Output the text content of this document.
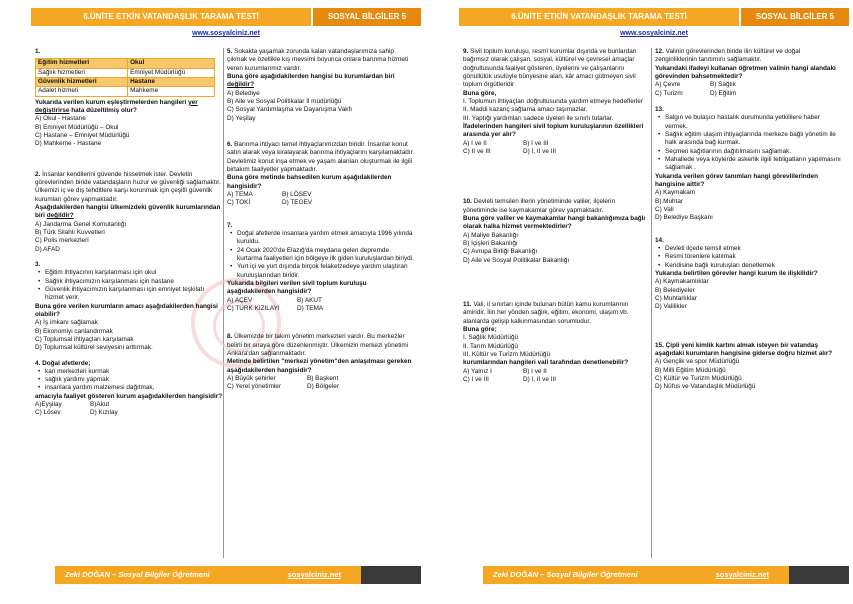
6.ÜNİTE ETKİN VATANDAŞLIK TARAMA TESTİ	SOSYAL BİLGİLER 5
www.sosyalciniz.net
1.
Eğitim hizmetleri	Okul
Sağlık hizmetleri	Emniyet Müdürlüğü
Güvenlik hizmetleri	Hastane
Adalet hizmeti	Mahkeme
Yukarıda verilen kurum eşleştirmelerden hangileri yer değiştirirse hata düzeltilmiş olur?
A) Okul - Hastane
B) Emniyet Müdürlüğü – Okul
C) Hastane – Emniyet Müdürlüğü
D) Mahkeme - Hastane
2. İnsanlar kendilerini güvende hissetmek ister. Devletin görevlerinden biride vatandaşların huzur ve güvenliği sağlamaktır. Ülkemizi iç ve dış tehditlere karşı korunmak için çeşitli güvenlik kurumları görev yapmaktadır.
Aşağıdakilerden hangisi ülkemizdeki güvenlik kurumlarından biri değildir?
A) Jandarma Genel Komutanlığı
B) Türk Silahlı Kuvvetleri
C) Polis merkezleri
D) AFAD
3.
• Eğitim ihtiyacının karşılanması için okul
• Sağlık ihtiyacımızın karşılanması için hastane
• Güvenlik ihtiyacımızın karşılanması için emniyet teşkilatı hizmet verir.
Buna göre verilen kurumların amacı aşağıdakilerden hangisi olabilir?
A) İş imkanı sağlamak
B) Ekonomiyi canlandırmak
C) Toplumsal ihtiyaçları karşılamak
D) Toplumsal kültürel seviyesini arttırmak.
4. Doğal afetlerde;
• kan merkezleri kurmak
• sağlık yardımı yapmak
• insanlara yardım malzemesi dağıtmak,
amacıyla faaliyet gösteren kurum aşağıdakilerden hangisidir?
A)Eyşilay	B)Akut
C) Lösev	D) Kızılay
5. Sokakta yaşamak zorunda kalan vatandaşlarımıza sahip çıkmak ve özellikle kış mevsimi boyunca onlara barınma hizmeti veren kurumlarımız vardır.
Buna göre aşağıdakilerden hangisi bu kurumlardan biri değildir?
A) Belediye
B) Aile ve Sosyal Politikalar İl müdürlüğü
C) Sosyal Yardımlaşma ve Dayanışma Vakfı
D) Yeşilay
6. Barınma ihtiyacı temel ihtiyaçlarımızdan biridir. İnsanlar konut satın alarak veya kiralayarak barınma ihtiyaçlarını karşılamaktadır. Devletimiz konut inşa etmek ve yaşam alanları oluşturmak ile ilgili birtakım faaliyetler yapmaktadır.
Buna göre metinde bahsedilen kurum aşağıdakilerden hangisidir?
A) TEMA	B) LÖSEV
C) TOKİ	D) TEGEV
7.
• Doğal afetlerde insanlara yardım etmek amacıyla 1996 yılında kuruldu.
• 24 Ocak 2020'de Elazığ'da meydana gelen depremde kurtarma faaliyetleri için bölgeye ilk giden kuruluşlardan biriydi.
• Yurt içi ve yurt dışında birçok felaketzedeye yardım ulaştıran kuruluşlarından biridir.
Yukarıda bilgileri verilen sivil toplum kuruluşu aşağıdakilerden hangisidir?
A) AÇEV	B) AKUT
C) TÜRK KIZILAYI	D) TEMA
8. Ülkemizde bir takım yönetim merkezleri vardır. Bu merkezler belirli bir sıraya göre düzenlenmiştir. Ülkemizin merkezi yönetimi Ankara'dan sağlanmaktadır.
Metinde belirtilen ''merkezi yönetim''den anlaşılması gereken aşağıdakilerden hangisidir?
A) Büyük şehirler	B) Başkent
C) Yerel yönetimler	D) Bölgeler
Zeki DOĞAN – Sosyal Bilgiler Öğretmeni	sosyalciniz.net
6.ÜNİTE ETKİN VATANDAŞLIK TARAMA TESTİ	SOSYAL BİLGİLER 5
www.sosyalciniz.net
9. Sivil toplum kuruluşu, resmî kurumlar dışında ve bunlardan bağımsız olarak çalışan, sosyal, kültürel ve çevresel amaçlar doğrultusunda faaliyet gösteren, üyelerini ve çalışanlarını gönüllülük usulüyle bünyesine alan, kâr amacı gütmeyen sivil toplum örgütleridir
Buna göre,
I. Toplumun ihtiyaçları doğrultusunda yardım etmeye hedeflerler
II. Maddi kazanç sağlama amacı taşımazlar.
III. Yaptığı yardımları sadece üyeleri ile sınırlı tutarlar.
İfadelerinden hangileri sivil toplum kuruluşlarının özellikleri arasında yer alır?
A) I ve II	B) I ve III
C) II ve III	D) I, II ve III
10. Devleti temsilen illerin yönetiminde valiler, ilçelerin yönetiminde ise kaymakamlar görev yapmaktadır.
Buna göre valiler ve kaymakamlar hangi bakanlığımıza bağlı olarak halka hizmet vermektedirler?
A) Maliye Bakanlığı
B) İçişleri Bakanlığı
C) Avrupa Birliği Bakanlığı
D) Aile ve Sosyal Politikalar Bakanlığı
11. Vali, il sınırları içinde bulunan bütün kamu kurumlarının amiridir. İlin her yönden sağlık, eğitim, ekonomi, ulaşım vb. alanlarda gelişip kalkınmasından sorumludur.
Buna göre;
I. Sağlık Müdürlüğü
II. Tarım Müdürlüğü
III. Kültür ve Turizm Müdürlüğü
kurumlarından hangileri vali tarafından denetlenebilir?
A) Yalnız I	B) I ve II
C) I ve III	D) I, II ve III
12. Valinin görevlerinden biride ilin kültürel ve doğal zenginliklerinin tanıtımını sağlamaktır.
Yukarıdaki ifadeyi kullanan öğretmen valinin hangi alandaki görevinden bahsetmektedir?
A) Çevre	B) Sağlık
C) Turizm	D) Eğitim
13.
• Salgın ve bulaşıcı hastalık durumunda yetkililere haber vermek.
• Sağlık eğitim ulaşım ihtiyaçlarında merkeze bağlı yönetim ile halk arasında bağ kurmak.
• Seçmen kağıtlarının dağıtılmasını sağlamak.
• Mahallede veya köylerde askerlik ilgili tebligatların yapılmasını sağlamak .
Yukarıda verilen görev tanımları hangi görevlilerinden hangisine aittir?
A) Kaymakam
B) Muhtar
C) Vali
D) Belediye Başkanı
14.
• Devleti ilçede temsil etmek
• Resmi törenlere katılmak
• Kendisine bağlı kuruluşları denetlemek
Yukarıda belirtilen görevler hangi kurum ile ilişkilidir?
A) Kaymakamlıklar
B) Belediyeler
C) Muhtarlıklar
D) Valilikler
15. Çipli yeni kimlik kartını almak isteyen bir vatandaş aşağıdaki kurumların hangisine giderse doğru hizmet alır?
A) Gençlik ve spor Müdürlüğü
B) Milli Eğitim Müdürlüğü
C) Kültür ve Turizm Müdürlüğü
D) Nüfus ve Vatandaşlık Müdürlüğü
Zeki DOĞAN – Sosyal Bilgiler Öğretmeni	sosyalciniz.net
